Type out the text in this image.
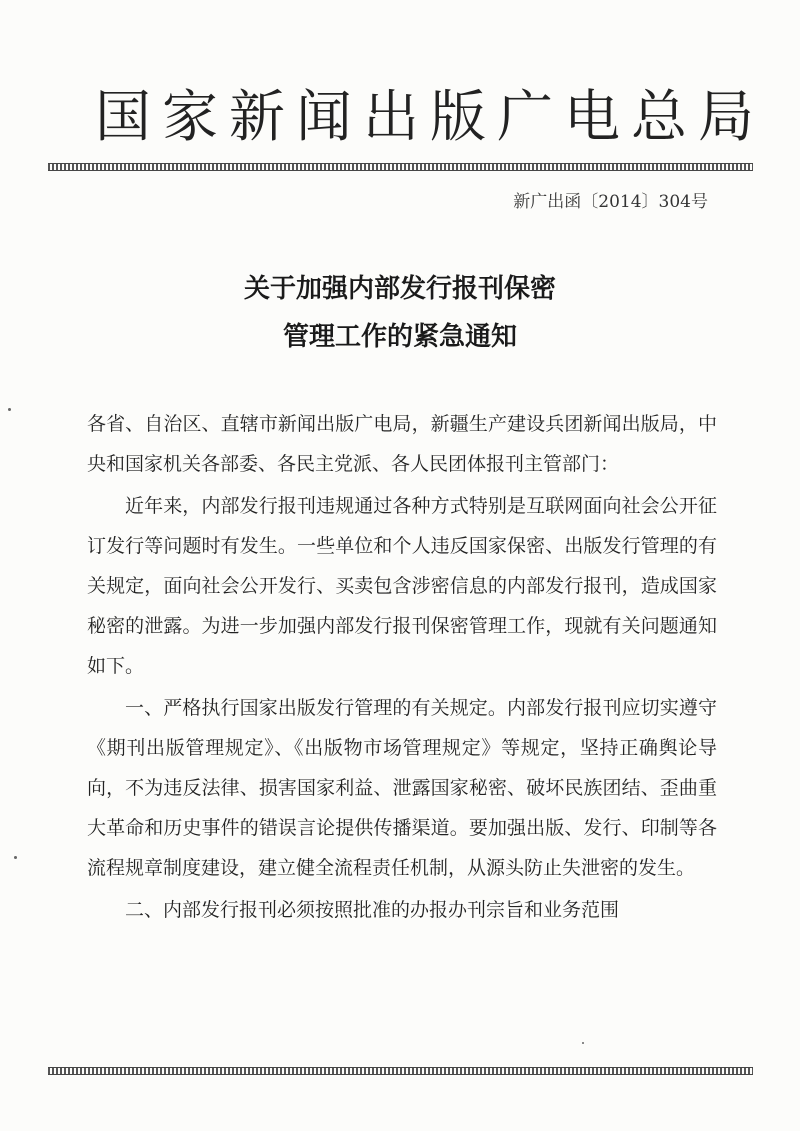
国家新闻出版广电总局
新广出函〔2014〕304号
关于加强内部发行报刊保密
管理工作的紧急通知

各省、自治区、直辖市新闻出版广电局，新疆生产建设兵团新闻出版局，中央和国家机关各部委、各民主党派、各人民团体报刊主管部门：

近年来，内部发行报刊违规通过各种方式特别是互联网面向社会公开征订发行等问题时有发生。一些单位和个人违反国家保密、出版发行管理的有关规定，面向社会公开发行、买卖包含涉密信息的内部发行报刊，造成国家秘密的泄露。为进一步加强内部发行报刊保密管理工作，现就有关问题通知如下。

一、严格执行国家出版发行管理的有关规定。内部发行报刊应切实遵守《期刊出版管理规定》、《出版物市场管理规定》等规定，坚持正确舆论导向，不为违反法律、损害国家利益、泄露国家秘密、破坏民族团结、歪曲重大革命和历史事件的错误言论提供传播渠道。要加强出版、发行、印制等各流程规章制度建设，建立健全流程责任机制，从源头防止失泄密的发生。

二、内部发行报刊必须按照批准的办报办刊宗旨和业务范围
